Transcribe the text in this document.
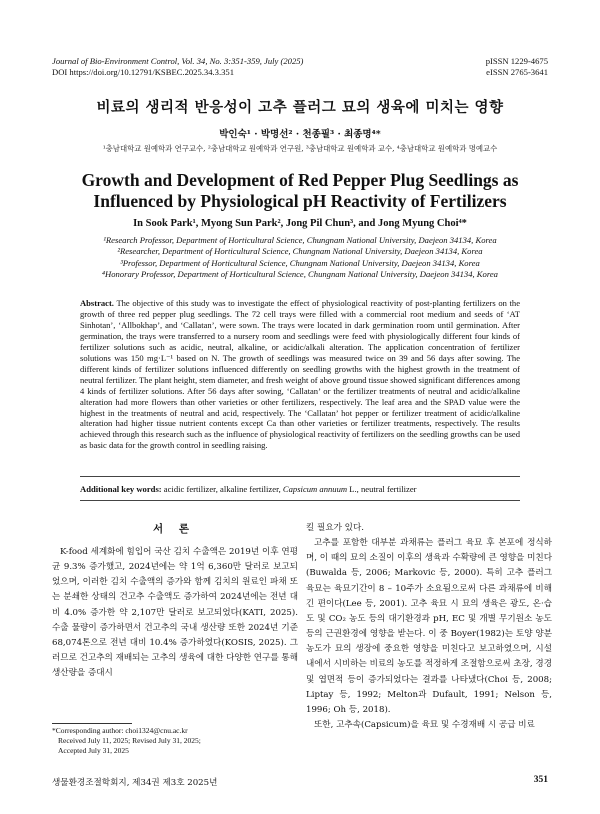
Journal of Bio-Environment Control, Vol. 34, No. 3:351-359, July (2025)
DOI https://doi.org/10.12791/KSBEC.2025.34.3.351
pISSN 1229-4675
eISSN 2765-3641
비료의 생리적 반응성이 고추 플러그 묘의 생육에 미치는 영향
박인숙¹ · 박명선² · 천종필³ · 최종명⁴*
¹충남대학교 원예학과 연구교수, ²충남대학교 원예학과 연구원, ³충남대학교 원예학과 교수, ⁴충남대학교 원예학과 명예교수
Growth and Development of Red Pepper Plug Seedlings as Influenced by Physiological pH Reactivity of Fertilizers
In Sook Park¹, Myong Sun Park², Jong Pil Chun³, and Jong Myung Choi⁴*
¹Research Professor, Department of Horticultural Science, Chungnam National University, Daejeon 34134, Korea
²Researcher, Department of Horticultural Science, Chungnam National University, Daejeon 34134, Korea
³Professor, Department of Horticultural Science, Chungnam National University, Daejeon 34134, Korea
⁴Honorary Professor, Department of Horticultural Science, Chungnam National University, Daejeon 34134, Korea
Abstract. The objective of this study was to investigate the effect of physiological reactivity of post-planting fertilizers on the growth of three red pepper plug seedlings. The 72 cell trays were filled with a commercial root medium and seeds of ‘AT Sinhotan’, ‘Allbokhap’, and ‘Callatan’, were sown. The trays were located in dark germination room until germination. After germination, the trays were transferred to a nursery room and seedlings were feed with physiologically different four kinds of fertilizer solutions such as acidic, neutral, alkaline, or acidic/alkali alteration. The application concentration of fertilizer solutions was 150 mg·L⁻¹ based on N. The growth of seedlings was measured twice on 39 and 56 days after sowing. The different kinds of fertilizer solutions influenced differently on seedling growths with the highest growth in the treatment of neutral fertilizer. The plant height, stem diameter, and fresh weight of above ground tissue showed significant differences among 4 kinds of fertilizer solutions. After 56 days after sowing, ‘Callatan’ or the fertilizer treatments of neutral and acidic/alkaline alteration had more flowers than other varieties or other fertilizers, respectively. The leaf area and the SPAD value were the highest in the treatments of neutral and acid, respectively. The ‘Callatan’ hot pepper or fertilizer treatment of acidic/alkaline alteration had higher tissue nutrient contents except Ca than other varieties or fertilizer treatments, respectively. The results achieved through this research such as the influence of physiological reactivity of fertilizers on the seedling growths can be used as basic data for the growth control in seedling raising.
Additional key words: acidic fertilizer, alkaline fertilizer, Capsicum annuum L., neutral fertilizer
서 론
K-food 세계화에 힘입어 국산 김치 수출액은 2019년 이후 연평균 9.3% 증가했고, 2024년에는 약 1억 6,360만 달러로 보고되었으며, 이러한 김치 수출액의 증가와 함께 김치의 원료인 파채 또는 분쇄한 상태의 건고추 수출액도 증가하여 2024년에는 전년 대비 4.0% 증가한 약 2,107만 달러로 보고되었다(KATI, 2025). 수출 물량이 증가하면서 건고추의 국내 생산량 또한 2024년 기준 68,074톤으로 전년 대비 10.4% 증가하였다(KOSIS, 2025). 그러므로 건고추의 재배되는 고추의 생육에 대한 다양한 연구를 통해 생산량을 증대시
킬 필요가 있다.
고추를 포함한 대부분 과채류는 플러그 육묘 후 본포에 정식하며, 이 때의 묘의 소질이 이후의 생육과 수확량에 큰 영향을 미친다(Buwalda 등, 2006; Markovic 등, 2000). 특히 고추 플러그 육묘는 육묘기간이 8 – 10주가 소요됨으로써 다른 과채류에 비해 긴 편이다(Lee 등, 2001). 고추 육묘 시 묘의 생육은 광도, 온·습도 및 CO₂ 농도 등의 대기환경과 pH, EC 및 개별 무기원소 농도 등의 근권환경에 영향을 받는다. 이 중 Boyer(1982)는 토양 양분 농도가 묘의 생장에 중요한 영향을 미친다고 보고하였으며, 시설 내에서 시비하는 비료의 농도를 적정하게 조절함으로써 초장, 경경 및 엽면적 등이 증가되었다는 결과를 나타냈다(Choi 등, 2008; Liptay 등, 1992; Melton과 Dufault, 1991; Nelson 등, 1996; Oh 등, 2018).
또한, 고추속(Capsicum)을 육묘 및 수경재배 시 공급 비료
*Corresponding author: choi1324@cnu.ac.kr
Received July 11, 2025; Revised July 31, 2025;
Accepted July 31, 2025
생물환경조절학회지, 제34권 제3호 2025년	351
